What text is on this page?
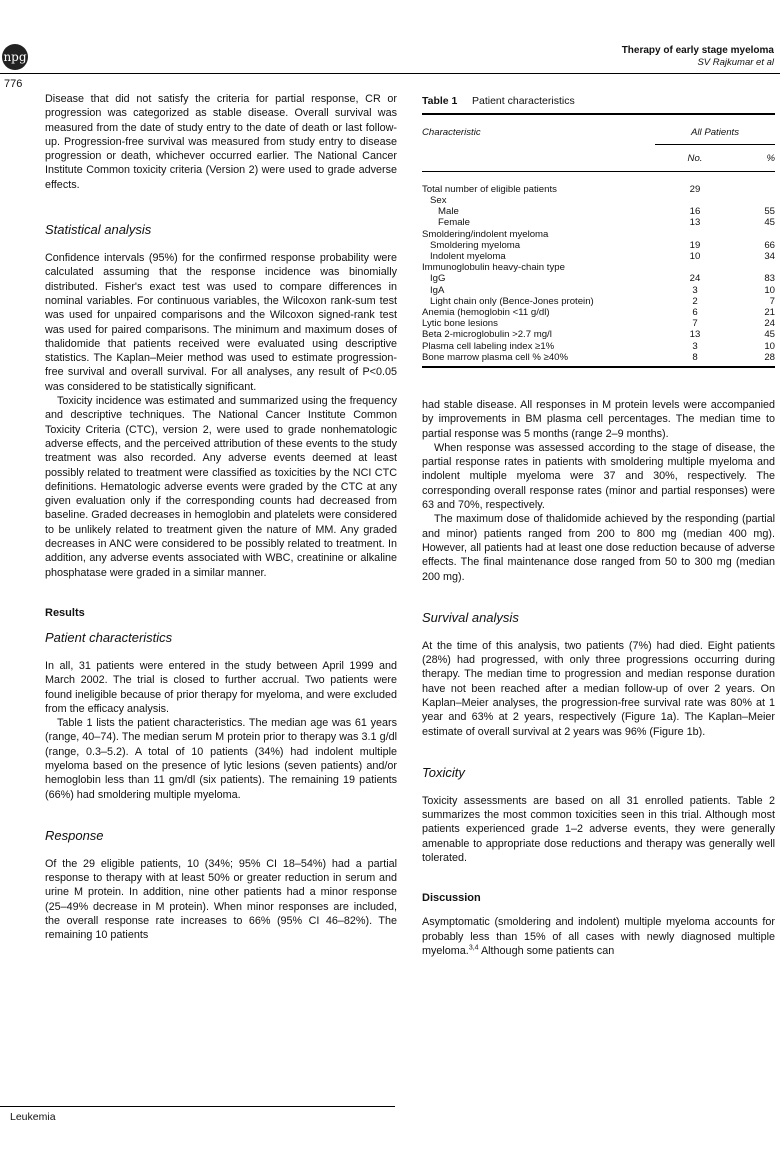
npg	Therapy of early stage myeloma
SV Rajkumar et al
776

Disease that did not satisfy the criteria for partial response, CR or progression was categorized as stable disease. Overall survival was measured from the date of study entry to the date of death or last follow-up. Progression-free survival was measured from study entry to disease progression or death, whichever occurred earlier. The National Cancer Institute Common toxicity criteria (Version 2) were used to grade adverse effects.

Statistical analysis

Confidence intervals (95%) for the confirmed response probability were calculated assuming that the response incidence was binomially distributed. Fisher's exact test was used to compare differences in nominal variables. For continuous variables, the Wilcoxon rank-sum test was used for unpaired comparisons and the Wilcoxon signed-rank test was used for paired comparisons. The minimum and maximum doses of thalidomide that patients received were evaluated using descriptive statistics. The Kaplan–Meier method was used to estimate progression-free survival and overall survival. For all analyses, any result of P<0.05 was considered to be statistically significant.

Toxicity incidence was estimated and summarized using the frequency and descriptive techniques. The National Cancer Institute Common Toxicity Criteria (CTC), version 2, were used to grade nonhematologic adverse effects, and the perceived attribution of these events to the study treatment was also recorded. Any adverse events deemed at least possibly related to treatment were classified as toxicities by the NCI CTC definitions. Hematologic adverse events were graded by the CTC at any given evaluation only if the corresponding counts had decreased from baseline. Graded decreases in hemoglobin and platelets were considered to be unlikely related to treatment given the nature of MM. Any graded decreases in ANC were considered to be possibly related to treatment. In addition, any adverse events associated with WBC, creatinine or alkaline phosphatase were graded in a similar manner.

Results
Patient characteristics

In all, 31 patients were entered in the study between April 1999 and March 2002. The trial is closed to further accrual. Two patients were found ineligible because of prior therapy for myeloma, and were excluded from the efficacy analysis.

Table 1 lists the patient characteristics. The median age was 61 years (range, 40–74). The median serum M protein prior to therapy was 3.1 g/dl (range, 0.3–5.2). A total of 10 patients (34%) had indolent multiple myeloma based on the presence of lytic lesions (seven patients) and/or hemoglobin less than 11 gm/dl (six patients). The remaining 19 patients (66%) had smoldering multiple myeloma.

Response

Of the 29 eligible patients, 10 (34%; 95% CI 18–54%) had a partial response to therapy with at least 50% or greater reduction in serum and urine M protein. In addition, nine other patients had a minor response (25–49% decrease in M protein). When minor responses are included, the overall response rate increases to 66% (95% CI 46–82%). The remaining 10 patients

Leukemia
Table 1 Patient characteristics
Characteristic	All Patients	
	No.	%

Total number of eligible patients	29	
Sex		
Male	16	55
Female	13	45
Smoldering/indolent myeloma		
Smoldering myeloma	19	66
Indolent myeloma	10	34
Immunoglobulin heavy-chain type		
IgG	24	83
IgA	3	10
Light chain only (Bence-Jones protein)	2	7
Anemia (hemoglobin <11 g/dl)	6	21
Lytic bone lesions	7	24
Beta 2-microglobulin >2.7 mg/l	13	45
Plasma cell labeling index ≥1%	3	10
Bone marrow plasma cell % ≥40%	8	28

had stable disease. All responses in M protein levels were accompanied by improvements in BM plasma cell percentages. The median time to partial response was 5 months (range 2–9 months).

When response was assessed according to the stage of disease, the partial response rates in patients with smoldering multiple myeloma and indolent multiple myeloma were 37 and 30%, respectively. The corresponding overall response rates (minor and partial responses) were 63 and 70%, respectively.

The maximum dose of thalidomide achieved by the responding (partial and minor) patients ranged from 200 to 800 mg (median 400 mg). However, all patients had at least one dose reduction because of adverse effects. The final maintenance dose ranged from 50 to 300 mg (median 200 mg).

Survival analysis

At the time of this analysis, two patients (7%) had died. Eight patients (28%) had progressed, with only three progressions occurring during therapy. The median time to progression and median response duration have not been reached after a median follow-up of over 2 years. On Kaplan–Meier analyses, the progression-free survival rate was 80% at 1 year and 63% at 2 years, respectively (Figure 1a). The Kaplan–Meier estimate of overall survival at 2 years was 96% (Figure 1b).

Toxicity

Toxicity assessments are based on all 31 enrolled patients. Table 2 summarizes the most common toxicities seen in this trial. Although most patients experienced grade 1–2 adverse events, they were generally amenable to appropriate dose reductions and therapy was generally well tolerated.

Discussion

Asymptomatic (smoldering and indolent) multiple myeloma accounts for probably less than 15% of all cases with newly diagnosed multiple myeloma.$^{3,4}$ Although some patients can
